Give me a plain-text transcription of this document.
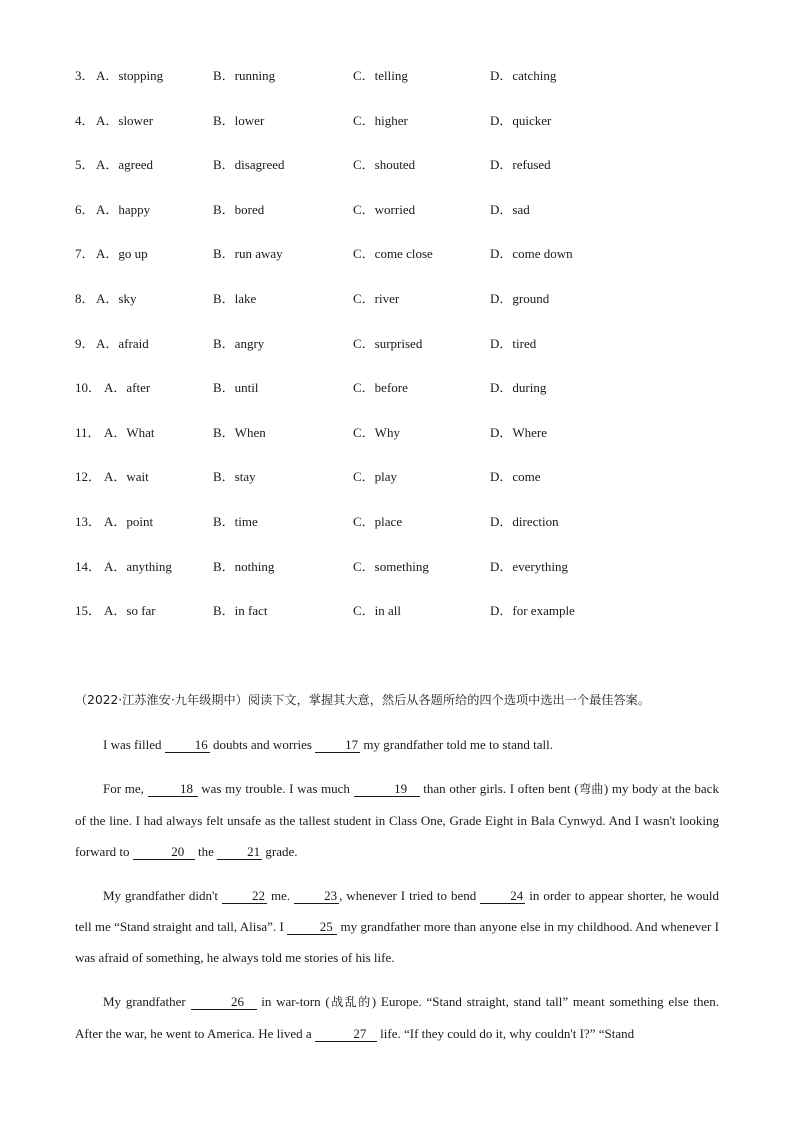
3． A．stopping	B．running	C．telling	D．catching
4． A．slower	B．lower	C．higher	D．quicker
5． A．agreed	B．disagreed	C．shouted	D．refused
6． A．happy	B．bored	C．worried	D．sad
7． A．go up	B．run away	C．come close	D．come down
8． A．sky	B．lake	C．river	D．ground
9． A．afraid	B．angry	C．surprised	D．tired
10． A．after	B．until	C．before	D．during
11． A．What	B．When	C．Why	D．Where
12． A．wait	B．stay	C．play	D．come
13． A．point	B．time	C．place	D．direction
14． A．anything	B．nothing	C．something	D．everything
15． A．so far	B．in fact	C．in all	D．for example
（2022·江苏淮安·九年级期中）阅读下文，掌握其大意，然后从各题所给的四个选项中选出一个最佳答案。

I was filled 16 doubts and worries 17 my grandfather told me to stand tall.

For me,	18 was my trouble. I was much	19 than other girls. I often bent (弯曲) my body at the back of the line. I had always felt unsafe as the tallest student in Class One, Grade Eight in Bala Cynwyd. And I wasn't looking forward to	20 the 21 grade.

My grandfather didn't 22 me. 23 , whenever I tried to bend 24 in order to appear shorter, he would tell me “Stand straight and tall, Alisa”. I	25 my grandfather more than anyone else in my childhood. And whenever I was afraid of something, he always told me stories of his life.

My grandfather	26 in war-torn (战乱的) Europe. “Stand straight, stand tall” meant something else then. After the war, he went to America. He lived a	27 life. “If they could do it, why couldn't I?” “Stand
